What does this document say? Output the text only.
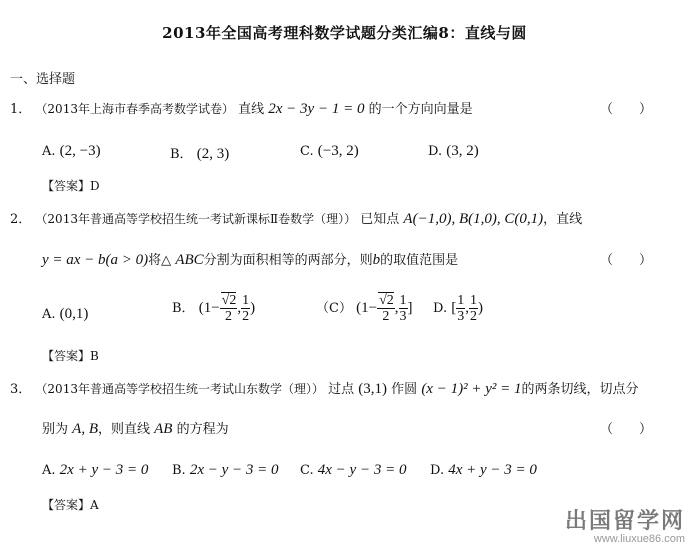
2013年全国高考理科数学试题分类汇编8：直线与圆
一、选择题
1． （2013年上海市春季高考数学试卷） 直线 2x − 3y − 1 = 0 的一个方向向量是	（　　）
A. (2, −3)	B． (2, 3)	C. (−3, 2)	D. (3, 2)
【答案】D
2． （2013年普通高等学校招生统一考试新课标Ⅱ卷数学（理）） 已知点 A(−1,0), B(1,0), C(0,1)，直线
y = ax − b(a > 0)将△ ABC分割为面积相等的两部分，则b的取值范围是	（　　）
A. (0,1)	B． ($1- \frac{√2}{2}$ , $\frac{1}{2}$ )	（C） ($1- \frac{√2}{2}$ , $\frac{1}{3}$ ] D. [ $\frac{1}{3}$ , $\frac{1}{2}$ )
【答案】B
3． （2013年普通高等学校招生统一考试山东数学（理）） 过点 (3,1) 作圆 (x − 1)² + y² = 1的两条切线，切点分
别为 A, B，则直线 AB 的方程为	（　　）
A. 2x + y − 3 = 0 B. 2x − y − 3 = 0 C. 4x − y − 3 = 0 D. 4x + y − 3 = 0
【答案】A
出国留学网
www.liuxue86.com
